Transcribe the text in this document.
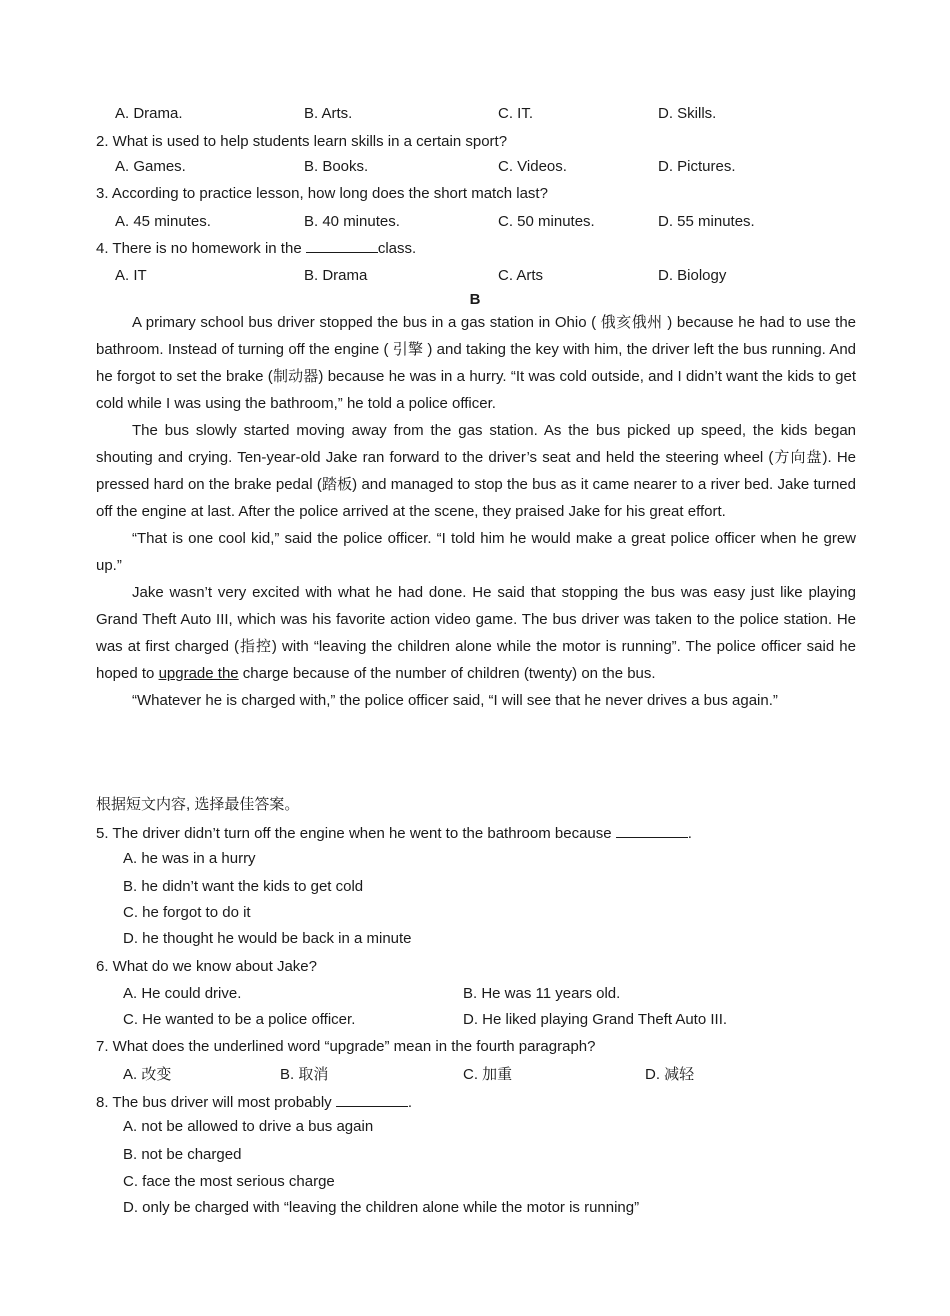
A. Drama.	B. Arts.	C. IT.	D. Skills.
2. What is used to help students learn skills in a certain sport?
A. Games.	B. Books.	C. Videos.	D. Pictures.
3. According to practice lesson, how long does the short match last?
A. 45 minutes.	B. 40 minutes.	C. 50 minutes.	D. 55 minutes.
4. There is no homework in the	class.
A. IT	B. Drama	C. Arts	D. Biology
B

A primary school bus driver stopped the bus in a gas station in Ohio ( 俄亥俄州 ) because he had to use the bathroom. Instead of turning off the engine ( 引擎 ) and taking the key with him, the driver left the bus running. And he forgot to set the brake (制动器) because he was in a hurry. “It was cold outside, and I didn’t want the kids to get cold while I was using the bathroom,” he told a police officer.

The bus slowly started moving away from the gas station. As the bus picked up speed, the kids began shouting and crying. Ten-year-old Jake ran forward to the driver’s seat and held the steering wheel (方向盘). He pressed hard on the brake pedal (踏板) and managed to stop the bus as it came nearer to a river bed. Jake turned off the engine at last. After the police arrived at the scene, they praised Jake for his great effort.

“That is one cool kid,” said the police officer. “I told him he would make a great police officer when he grew up.”

Jake wasn’t very excited with what he had done. He said that stopping the bus was easy just like playing Grand Theft Auto III, which was his favorite action video game. The bus driver was taken to the police station. He was at first charged (指控) with “leaving the children alone while the motor is running”. The police officer said he hoped to upgrade the charge because of the number of children (twenty) on the bus.

“Whatever he is charged with,” the police officer said, “I will see that he never drives a bus again.”

根据短文内容, 选择最佳答案。
5. The driver didn’t turn off the engine when he went to the bathroom because	.
A. he was in a hurry
B. he didn’t want the kids to get cold
C. he forgot to do it
D. he thought he would be back in a minute
6. What do we know about Jake?
A. He could drive.	B. He was 11 years old.
C. He wanted to be a police officer.	D. He liked playing Grand Theft Auto III.
7. What does the underlined word “upgrade” mean in the fourth paragraph?
A. 改变	B. 取消	C. 加重	D. 减轻
8. The bus driver will most probably	.
A. not be allowed to drive a bus again
B. not be charged
C. face the most serious charge
D. only be charged with “leaving the children alone while the motor is running”
